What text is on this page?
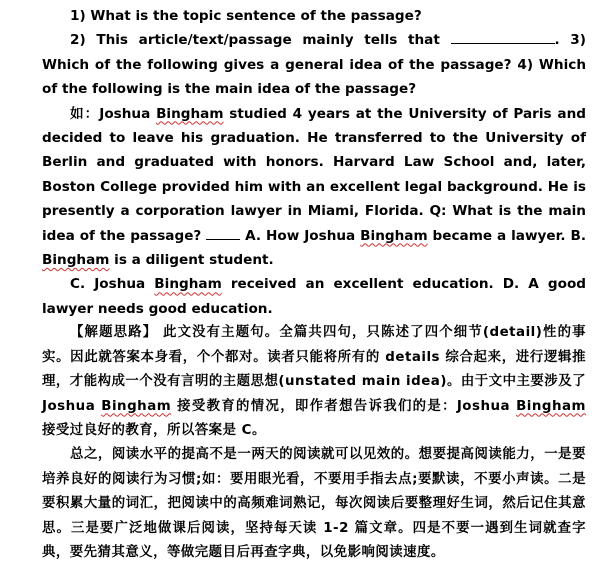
1) What is the topic sentence of the passage?

2) This article/text/passage mainly tells that	. 3) Which of the following gives a general idea of the passage? 4) Which of the following is the main idea of the passage?

如：Joshua Bingham studied 4 years at the University of Paris and decided to leave his graduation. He transferred to the University of Berlin and graduated with honors. Harvard Law School and, later, Boston College provided him with an excellent legal background. He is presently a corporation lawyer in Miami, Florida. Q: What is the main idea of the passage?	A. How Joshua Bingham became a lawyer. B. Bingham is a diligent student.

C. Joshua Bingham received an excellent education. D. A good lawyer needs good education.

【解题思路】 此文没有主题句。全篇共四句，只陈述了四个细节(detail)性的事实。因此就答案本身看，个个都对。读者只能将所有的 details 综合起来，进行逻辑推理，才能构成一个没有言明的主题思想(unstated main idea)。由于文中主要涉及了 Joshua Bingham 接受教育的情况，即作者想告诉我们的是：Joshua Bingham 接受过良好的教育，所以答案是 C。

总之，阅读水平的提高不是一两天的阅读就可以见效的。想要提高阅读能力，一是要培养良好的阅读行为习惯;如：要用眼光看，不要用手指去点;要默读，不要小声读。二是要积累大量的词汇，把阅读中的高频难词熟记，每次阅读后要整理好生词，然后记住其意思。三是要广泛地做课后阅读，坚持每天读 1-2 篇文章。四是不要一遇到生词就查字典，要先猜其意义，等做完题目后再查字典，以免影响阅读速度。
